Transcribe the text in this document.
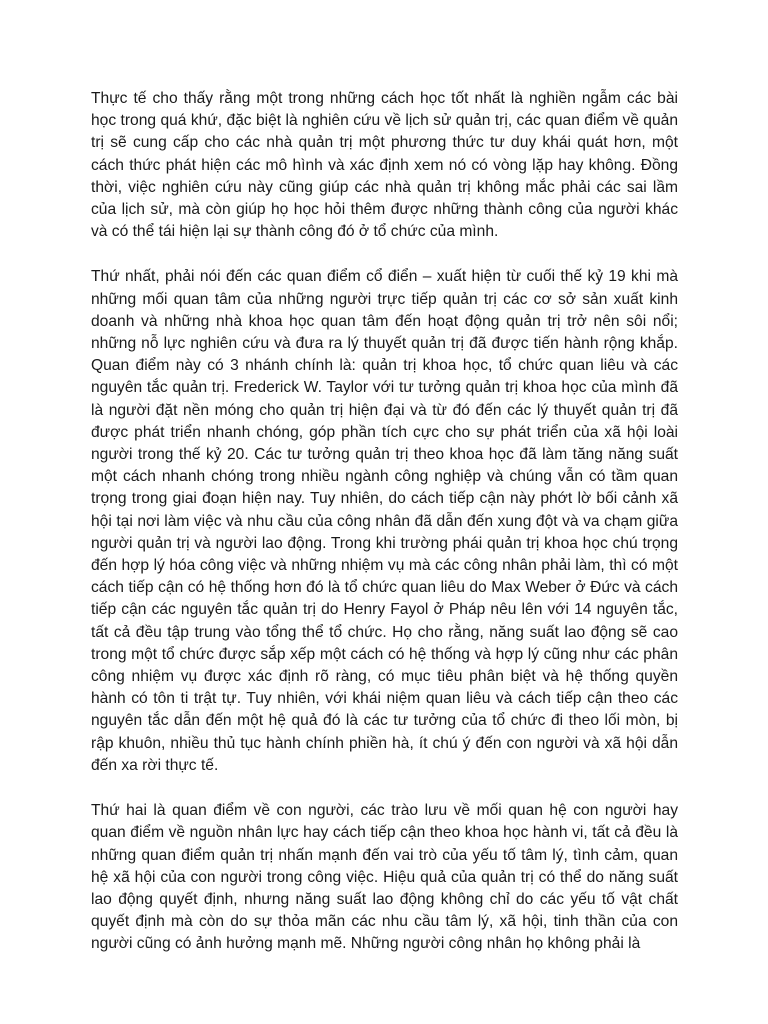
Thực tế cho thấy rằng một trong những cách học tốt nhất là nghiền ngẫm các bài học trong quá khứ, đặc biệt là nghiên cứu về lịch sử quản trị, các quan điểm về quản trị sẽ cung cấp cho các nhà quản trị một phương thức tư duy khái quát hơn, một cách thức phát hiện các mô hình và xác định xem nó có vòng lặp hay không. Đồng thời, việc nghiên cứu này cũng giúp các nhà quản trị không mắc phải các sai lầm của lịch sử, mà còn giúp họ học hỏi thêm được những thành công của người khác và có thể tái hiện lại sự thành công đó ở tổ chức của mình.

Thứ nhất, phải nói đến các quan điểm cổ điển – xuất hiện từ cuối thế kỷ 19 khi mà những mối quan tâm của những người trực tiếp quản trị các cơ sở sản xuất kinh doanh và những nhà khoa học quan tâm đến hoạt động quản trị trở nên sôi nổi; những nỗ lực nghiên cứu và đưa ra lý thuyết quản trị đã được tiến hành rộng khắp. Quan điểm này có 3 nhánh chính là: quản trị khoa học, tổ chức quan liêu và các nguyên tắc quản trị. Frederick W. Taylor với tư tưởng quản trị khoa học của mình đã là người đặt nền móng cho quản trị hiện đại và từ đó đến các lý thuyết quản trị đã được phát triển nhanh chóng, góp phần tích cực cho sự phát triển của xã hội loài người trong thế kỷ 20. Các tư tưởng quản trị theo khoa học đã làm tăng năng suất một cách nhanh chóng trong nhiều ngành công nghiệp và chúng vẫn có tầm quan trọng trong giai đoạn hiện nay. Tuy nhiên, do cách tiếp cận này phớt lờ bối cảnh xã hội tại nơi làm việc và nhu cầu của công nhân đã dẫn đến xung đột và va chạm giữa người quản trị và người lao động. Trong khi trường phái quản trị khoa học chú trọng đến hợp lý hóa công việc và những nhiệm vụ mà các công nhân phải làm, thì có một cách tiếp cận có hệ thống hơn đó là tổ chức quan liêu do Max Weber ở Đức và cách tiếp cận các nguyên tắc quản trị do Henry Fayol ở Pháp nêu lên với 14 nguyên tắc, tất cả đều tập trung vào tổng thể tổ chức. Họ cho rằng, năng suất lao động sẽ cao trong một tổ chức được sắp xếp một cách có hệ thống và hợp lý cũng như các phân công nhiệm vụ được xác định rõ ràng, có mục tiêu phân biệt và hệ thống quyền hành có tôn ti trật tự. Tuy nhiên, với khái niệm quan liêu và cách tiếp cận theo các nguyên tắc dẫn đến một hệ quả đó là các tư tưởng của tổ chức đi theo lối mòn, bị rập khuôn, nhiều thủ tục hành chính phiền hà, ít chú ý đến con người và xã hội dẫn đến xa rời thực tế.

Thứ hai là quan điểm về con người, các trào lưu về mối quan hệ con người hay quan điểm về nguồn nhân lực hay cách tiếp cận theo khoa học hành vi, tất cả đều là những quan điểm quản trị nhấn mạnh đến vai trò của yếu tố tâm lý, tình cảm, quan hệ xã hội của con người trong công việc. Hiệu quả của quản trị có thể do năng suất lao động quyết định, nhưng năng suất lao động không chỉ do các yếu tố vật chất quyết định mà còn do sự thỏa mãn các nhu cầu tâm lý, xã hội, tinh thần của con người cũng có ảnh hưởng mạnh mẽ. Những người công nhân họ không phải là
